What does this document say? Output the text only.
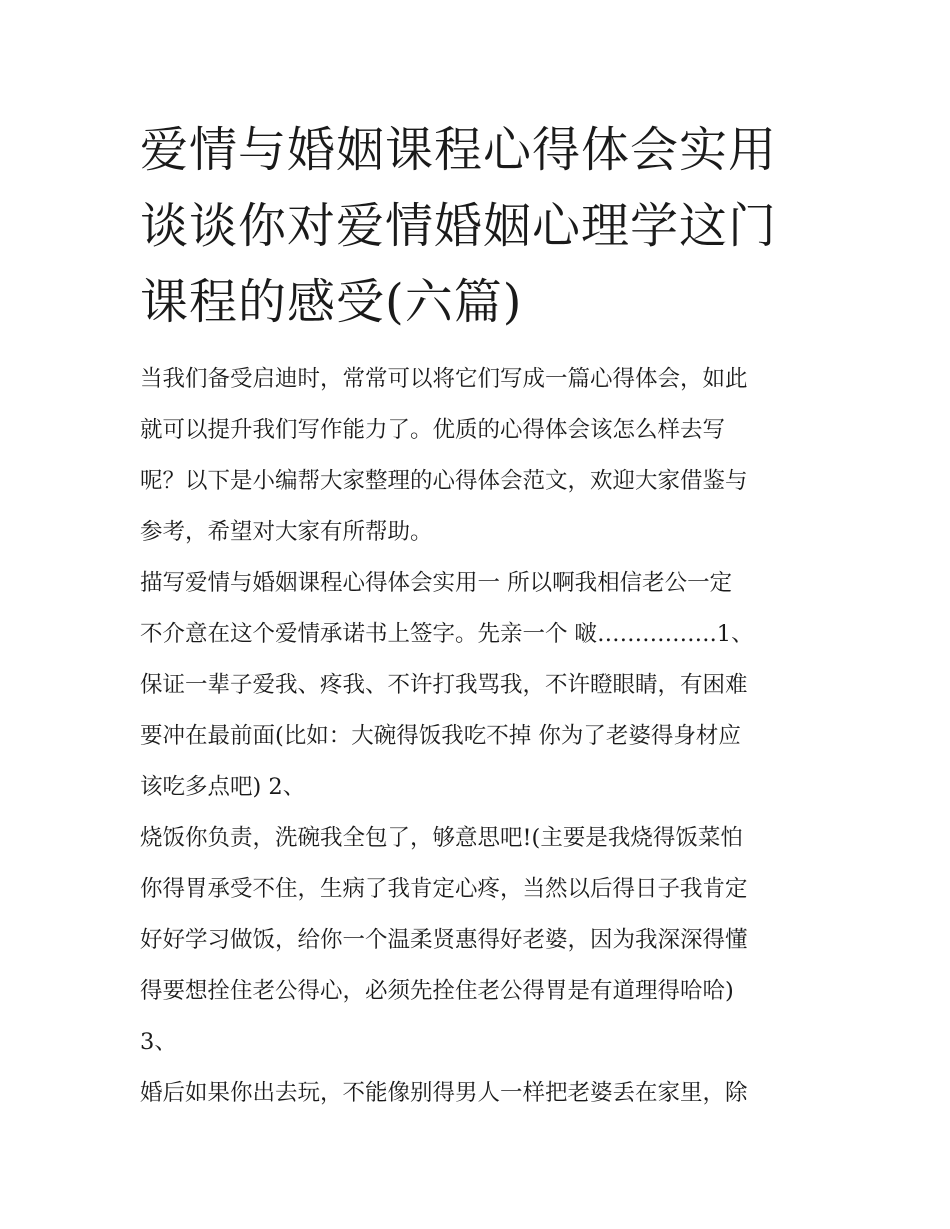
爱情与婚姻课程心得体会实用
谈谈你对爱情婚姻心理学这门
课程的感受(六篇)
当我们备受启迪时，常常可以将它们写成一篇心得体会，如此
就可以提升我们写作能力了。优质的心得体会该怎么样去写
呢？以下是小编帮大家整理的心得体会范文，欢迎大家借鉴与
参考，希望对大家有所帮助。
描写爱情与婚姻课程心得体会实用一 所以啊我相信老公一定
不介意在这个爱情承诺书上签字。先亲一个 啵…………….1、
保证一辈子爱我、疼我、不许打我骂我，不许瞪眼睛，有困难
要冲在最前面(比如：大碗得饭我吃不掉 你为了老婆得身材应
该吃多点吧) 2、
烧饭你负责，洗碗我全包了，够意思吧!(主要是我烧得饭菜怕
你得胃承受不住，生病了我肯定心疼，当然以后得日子我肯定
好好学习做饭，给你一个温柔贤惠得好老婆，因为我深深得懂
得要想拴住老公得心，必须先拴住老公得胃是有道理得哈哈)
3、
婚后如果你出去玩，不能像别得男人一样把老婆丢在家里，除
